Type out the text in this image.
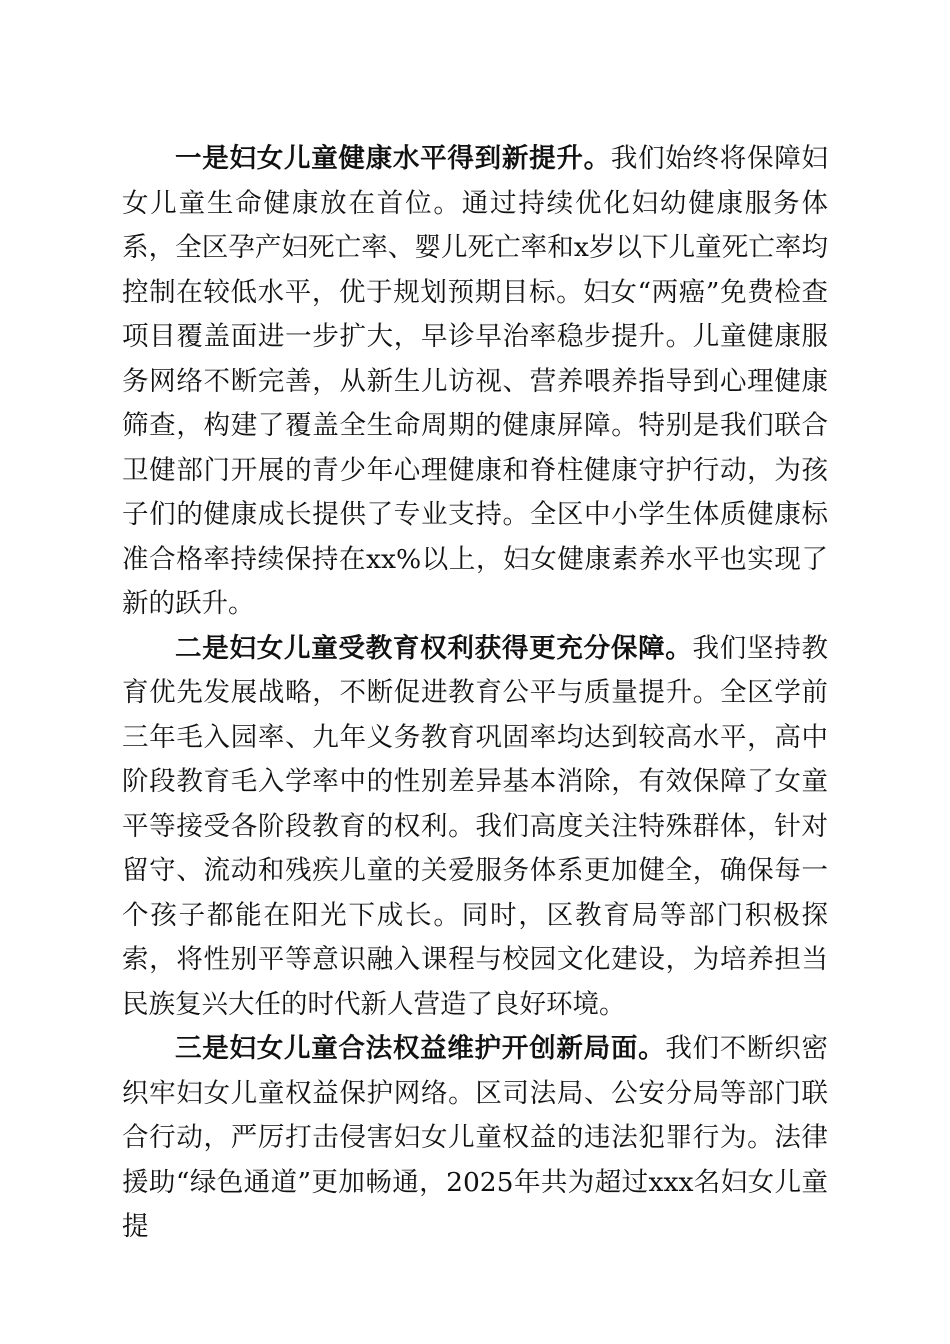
一是妇女儿童健康水平得到新提升。我们始终将保障妇女儿童生命健康放在首位。通过持续优化妇幼健康服务体系，全区孕产妇死亡率、婴儿死亡率和x岁以下儿童死亡率均控制在较低水平，优于规划预期目标。妇女“两癌”免费检查项目覆盖面进一步扩大，早诊早治率稳步提升。儿童健康服务网络不断完善，从新生儿访视、营养喂养指导到心理健康筛查，构建了覆盖全生命周期的健康屏障。特别是我们联合卫健部门开展的青少年心理健康和脊柱健康守护行动，为孩子们的健康成长提供了专业支持。全区中小学生体质健康标准合格率持续保持在xx%以上，妇女健康素养水平也实现了新的跃升。

二是妇女儿童受教育权利获得更充分保障。我们坚持教育优先发展战略，不断促进教育公平与质量提升。全区学前三年毛入园率、九年义务教育巩固率均达到较高水平，高中阶段教育毛入学率中的性别差异基本消除，有效保障了女童平等接受各阶段教育的权利。我们高度关注特殊群体，针对留守、流动和残疾儿童的关爱服务体系更加健全，确保每一个孩子都能在阳光下成长。同时，区教育局等部门积极探索，将性别平等意识融入课程与校园文化建设，为培养担当民族复兴大任的时代新人营造了良好环境。

三是妇女儿童合法权益维护开创新局面。我们不断织密织牢妇女儿童权益保护网络。区司法局、公安分局等部门联合行动，严厉打击侵害妇女儿童权益的违法犯罪行为。法律援助“绿色通道”更加畅通，2025年共为超过xxx名妇女儿童提
